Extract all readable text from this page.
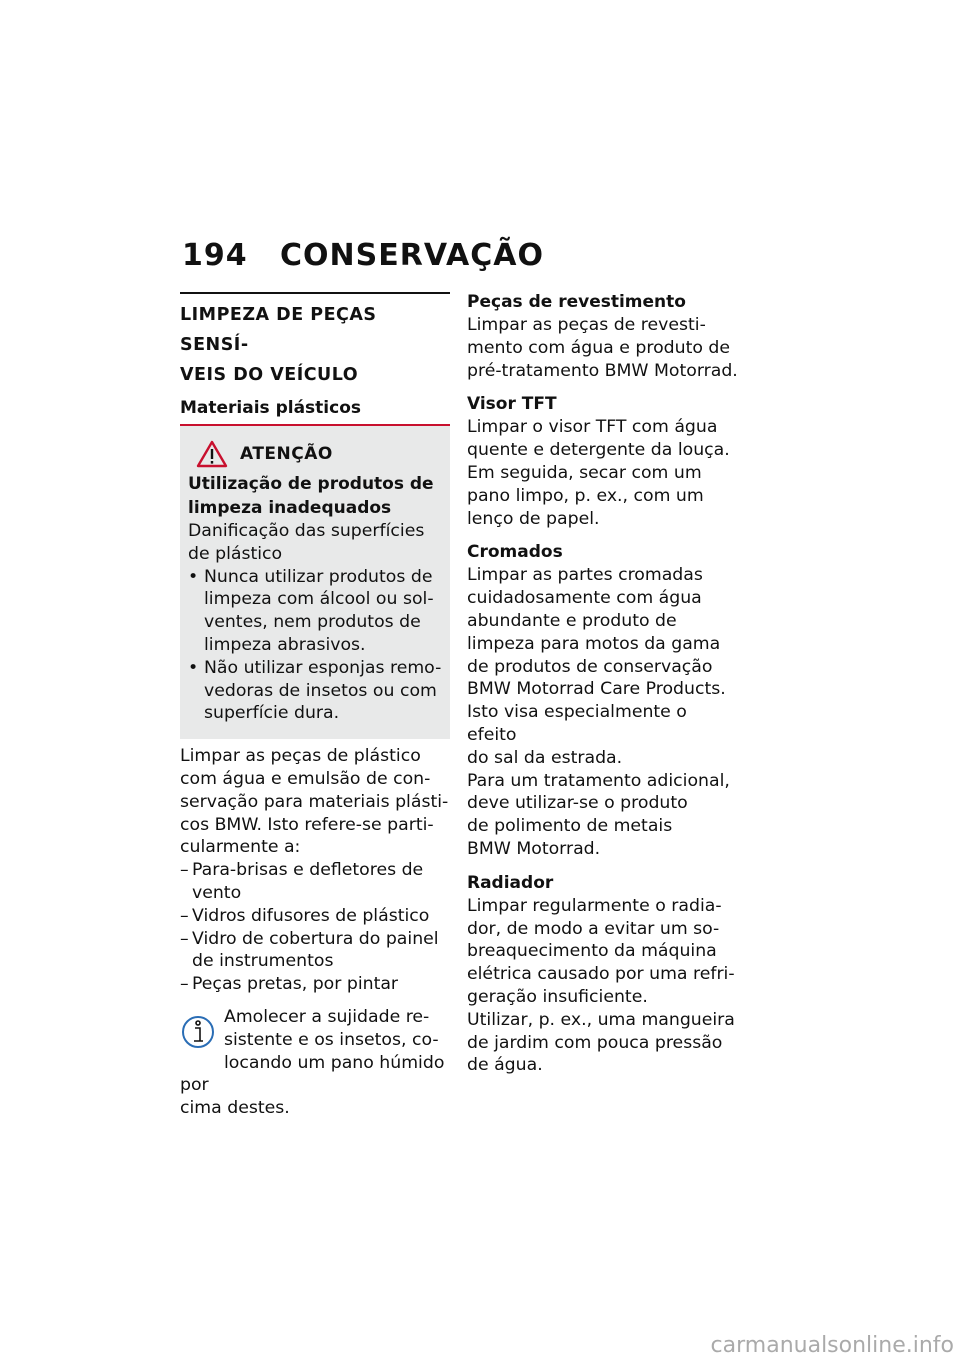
194 CONSERVAÇÃO
LIMPEZA DE PEÇAS SENSÍ-
VEIS DO VEÍCULO
Materiais plásticos
ATENÇÃO
Utilização de produtos de
limpeza inadequados
Danificação das superfícies
de plástico
• Nunca utilizar produtos de
limpeza com álcool ou sol-
ventes, nem produtos de
limpeza abrasivos.
• Não utilizar esponjas remo-
vedoras de insetos ou com
superfície dura.
Limpar as peças de plástico
com água e emulsão de con-
servação para materiais plásti-
cos BMW. Isto refere-se parti-
cularmente a:
– Para-brisas e defletores de
vento
– Vidros difusores de plástico
– Vidro de cobertura do painel
de instrumentos
– Peças pretas, por pintar
Amolecer a sujidade re-
sistente e os insetos, co-
locando um pano húmido por
cima destes.
Peças de revestimento
Limpar as peças de revesti-
mento com água e produto de
pré-tratamento BMW Motorrad.
Visor TFT
Limpar o visor TFT com água
quente e detergente da louça.
Em seguida, secar com um
pano limpo, p. ex., com um
lenço de papel.
Cromados
Limpar as partes cromadas
cuidadosamente com água
abundante e produto de
limpeza para motos da gama
de produtos de conservação
BMW Motorrad Care Products.
Isto visa especialmente o efeito
do sal da estrada.
Para um tratamento adicional,
deve utilizar-se o produto
de polimento de metais
BMW Motorrad.
Radiador
Limpar regularmente o radia-
dor, de modo a evitar um so-
breaquecimento da máquina
elétrica causado por uma refri-
geração insuficiente.
Utilizar, p. ex., uma mangueira
de jardim com pouca pressão
de água.
carmanualsonline.info
